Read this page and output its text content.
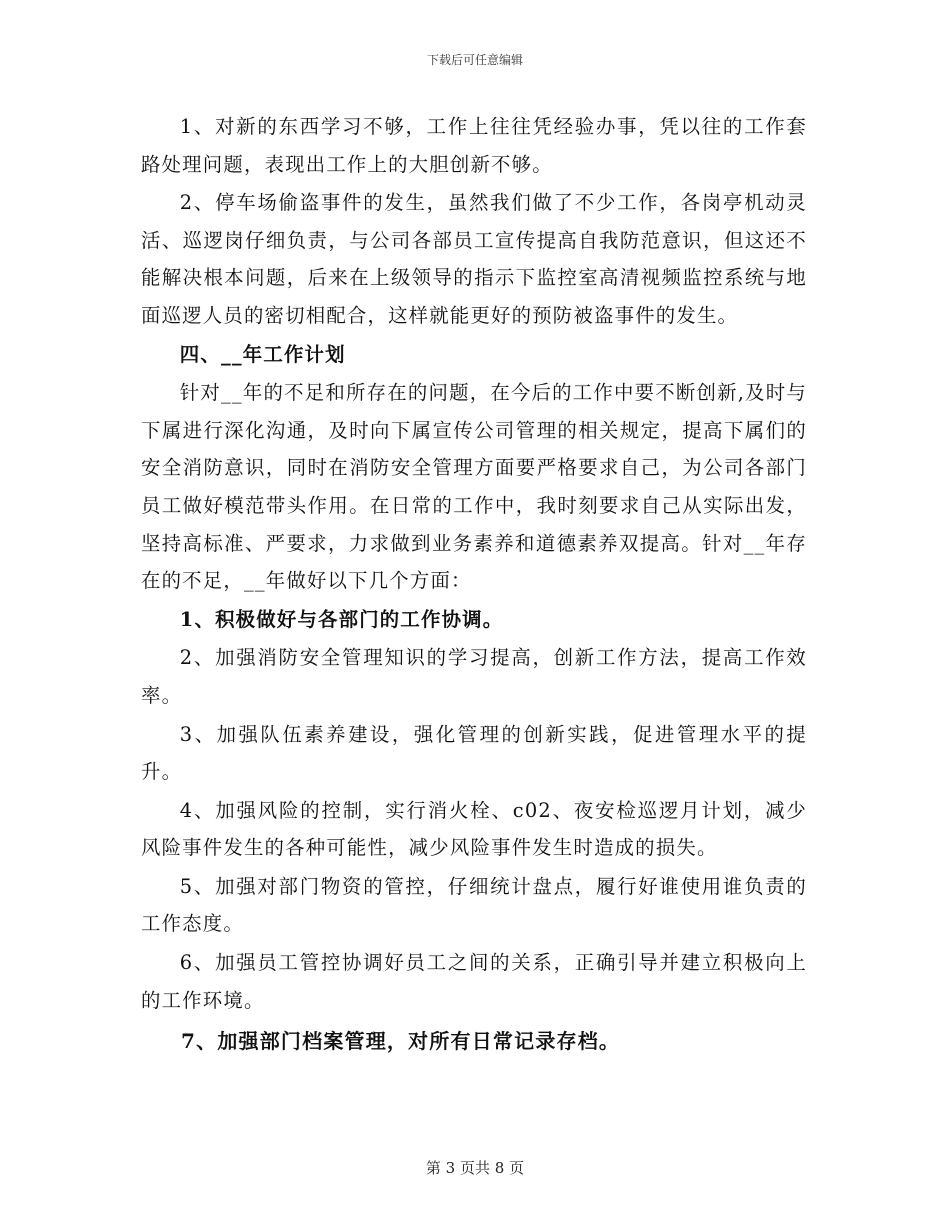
下载后可任意编辑

1、对新的东西学习不够，工作上往往凭经验办事，凭以往的工作套路处理问题，表现出工作上的大胆创新不够。

2、停车场偷盗事件的发生，虽然我们做了不少工作，各岗亭机动灵活、巡逻岗仔细负责，与公司各部员工宣传提高自我防范意识，但这还不能解决根本问题，后来在上级领导的指示下监控室高清视频监控系统与地面巡逻人员的密切相配合，这样就能更好的预防被盗事件的发生。

四、__年工作计划

针对__年的不足和所存在的问题，在今后的工作中要不断创新,及时与下属进行深化沟通，及时向下属宣传公司管理的相关规定，提高下属们的安全消防意识，同时在消防安全管理方面要严格要求自己，为公司各部门员工做好模范带头作用。在日常的工作中，我时刻要求自己从实际出发，坚持高标准、严要求，力求做到业务素养和道德素养双提高。针对__年存在的不足，__年做好以下几个方面：

1、积极做好与各部门的工作协调。

2、加强消防安全管理知识的学习提高，创新工作方法，提高工作效率。

3、加强队伍素养建设，强化管理的创新实践，促进管理水平的提升。

4、加强风险的控制，实行消火栓、c02、夜安检巡逻月计划，减少风险事件发生的各种可能性，减少风险事件发生时造成的损失。

5、加强对部门物资的管控，仔细统计盘点，履行好谁使用谁负责的工作态度。

6、加强员工管控协调好员工之间的关系，正确引导并建立积极向上的工作环境。

7、加强部门档案管理，对所有日常记录存档。

第 3 页共 8 页
